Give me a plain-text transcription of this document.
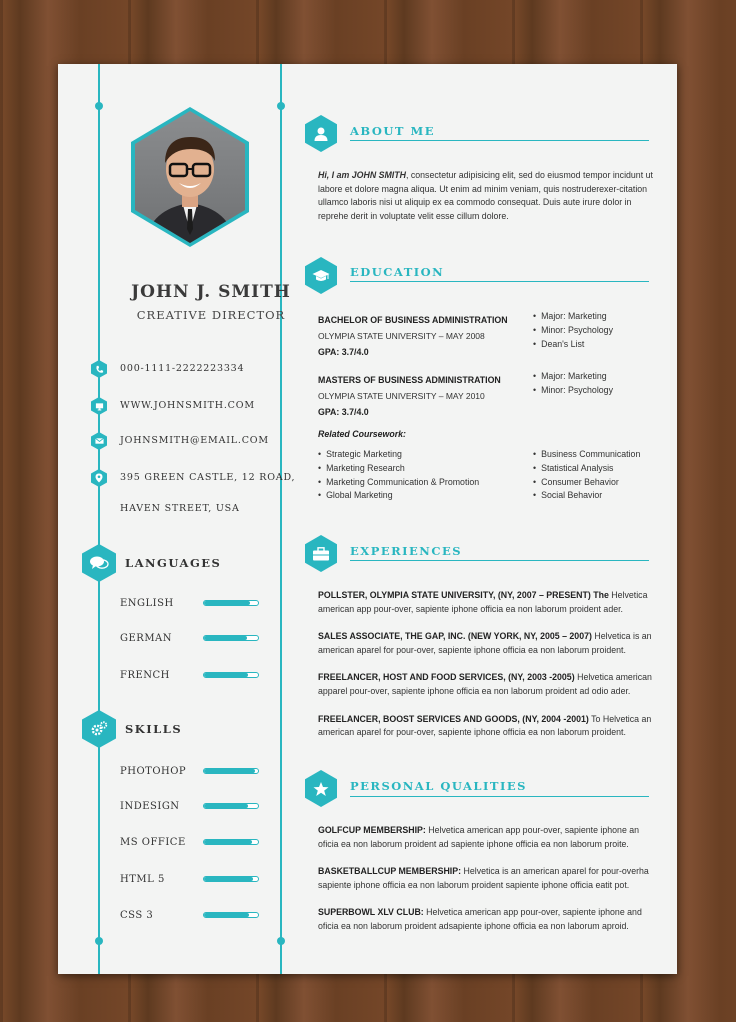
JOHN J. SMITH
CREATIVE DIRECTOR
000-1111-2222223334
WWW.JOHNSMITH.COM
JOHNSMITH@EMAIL.COM
395 GREEN CASTLE, 12 ROAD,
HAVEN STREET, USA
LANGUAGES
ENGLISH
GERMAN
FRENCH
SKILLS
PHOTOHOP
INDESIGN
MS OFFICE
HTML 5
CSS 3
ABOUT ME
Hi, I am JOHN SMITH, consectetur adipisicing elit, sed do eiusmod tempor incidunt ut labore et dolore magna aliqua. Ut enim ad minim veniam, quis nostruderexer-citation ullamco laboris nisi ut aliquip ex ea commodo consequat. Duis aute irure dolor in reprehe derit in voluptate velit esse cillum dolore.
EDUCATION
BACHELOR OF BUSINESS ADMINISTRATION
OLYMPIA STATE UNIVERSITY – MAY 2008
GPA: 3.7/4.0
• Major: Marketing
• Minor: Psychology
• Dean's List
MASTERS OF BUSINESS ADMINISTRATION
OLYMPIA STATE UNIVERSITY – MAY 2010
GPA: 3.7/4.0
• Major: Marketing
• Minor: Psychology
Related Coursework:
• Strategic Marketing
• Marketing Research
• Marketing Communication & Promotion
• Global Marketing
• Business Communication
• Statistical Analysis
• Consumer Behavior
• Social Behavior
EXPERIENCES

POLLSTER, OLYMPIA STATE UNIVERSITY, (NY, 2007 – PRESENT) The Helvetica american app pour-over, sapiente iphone officia ea non laborum proident ader.

SALES ASSOCIATE, THE GAP, INC. (NEW YORK, NY, 2005 – 2007) Helvetica is an american aparel for pour-over, sapiente iphone officia ea non laborum proident.

FREELANCER, HOST AND FOOD SERVICES, (NY, 2003 -2005) Helvetica american apparel pour-over, sapiente iphone officia ea non laborum proident ad odio ader.

FREELANCER, BOOST SERVICES AND GOODS, (NY, 2004 -2001) To Helvetica an american aparel for pour-over, sapiente iphone officia ea non laborum proident.

PERSONAL QUALITIES

GOLFCUP MEMBERSHIP: Helvetica american app pour-over, sapiente iphone an oficia ea non laborum proident ad sapiente iphone officia ea non laborum proite.

BASKETBALLCUP MEMBERSHIP: Helvetica is an american aparel for pour-overha sapiente iphone officia ea non laborum proident sapiente iphone officia eatit pot.

SUPERBOWL XLV CLUB: Helvetica american app pour-over, sapiente iphone and oficia ea non laborum proident adsapiente iphone officia ea non laborum aproid.
